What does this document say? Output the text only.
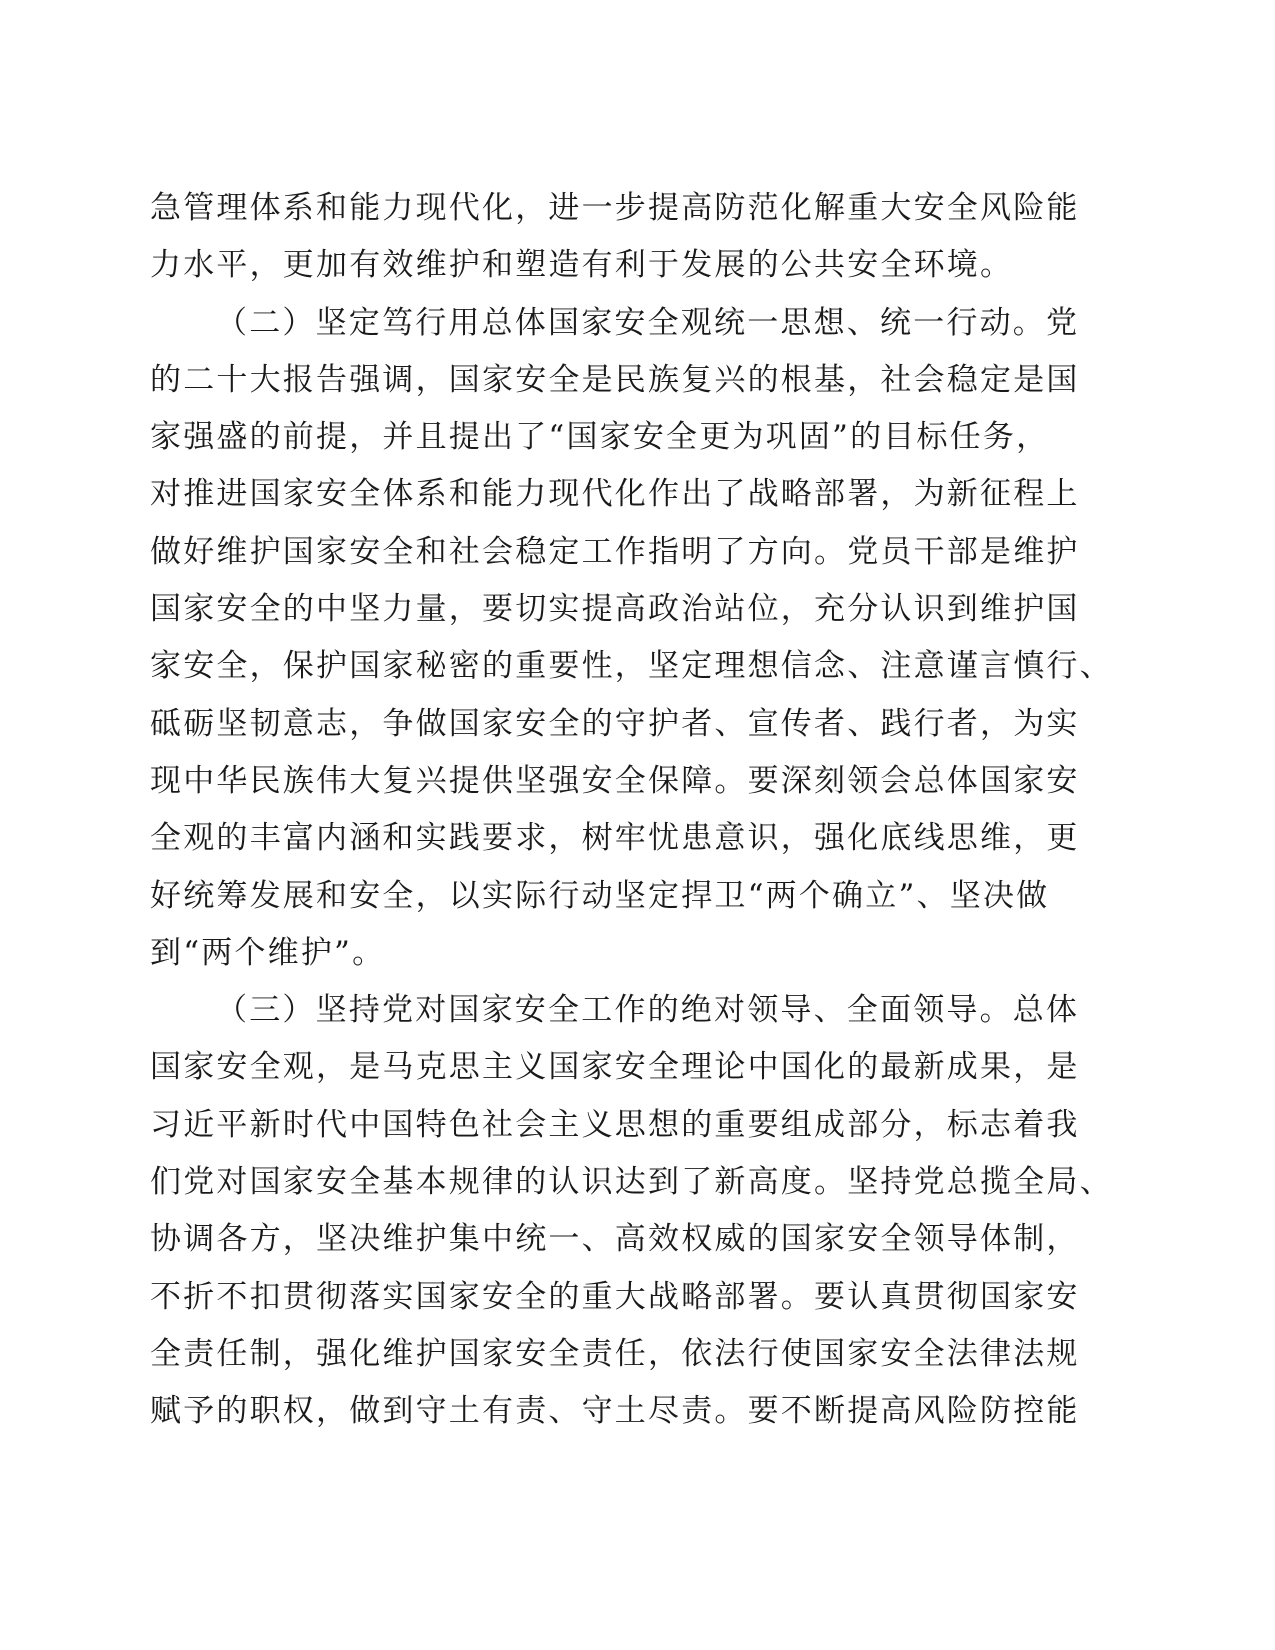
急管理体系和能力现代化，进一步提高防范化解重大安全风险能
力水平，更加有效维护和塑造有利于发展的公共安全环境。
（二）坚定笃行用总体国家安全观统一思想、统一行动。党
的二十大报告强调，国家安全是民族复兴的根基，社会稳定是国
家强盛的前提，并且提出了“国家安全更为巩固”的目标任务，
对推进国家安全体系和能力现代化作出了战略部署，为新征程上
做好维护国家安全和社会稳定工作指明了方向。党员干部是维护
国家安全的中坚力量，要切实提高政治站位，充分认识到维护国
家安全，保护国家秘密的重要性，坚定理想信念、注意谨言慎行、
砥砺坚韧意志，争做国家安全的守护者、宣传者、践行者，为实
现中华民族伟大复兴提供坚强安全保障。要深刻领会总体国家安
全观的丰富内涵和实践要求，树牢忧患意识，强化底线思维，更
好统筹发展和安全，以实际行动坚定捍卫“两个确立”、坚决做
到“两个维护”。
（三）坚持党对国家安全工作的绝对领导、全面领导。总体
国家安全观，是马克思主义国家安全理论中国化的最新成果，是
习近平新时代中国特色社会主义思想的重要组成部分，标志着我
们党对国家安全基本规律的认识达到了新高度。坚持党总揽全局、
协调各方，坚决维护集中统一、高效权威的国家安全领导体制，
不折不扣贯彻落实国家安全的重大战略部署。要认真贯彻国家安
全责任制，强化维护国家安全责任，依法行使国家安全法律法规
赋予的职权，做到守土有责、守土尽责。要不断提高风险防控能
